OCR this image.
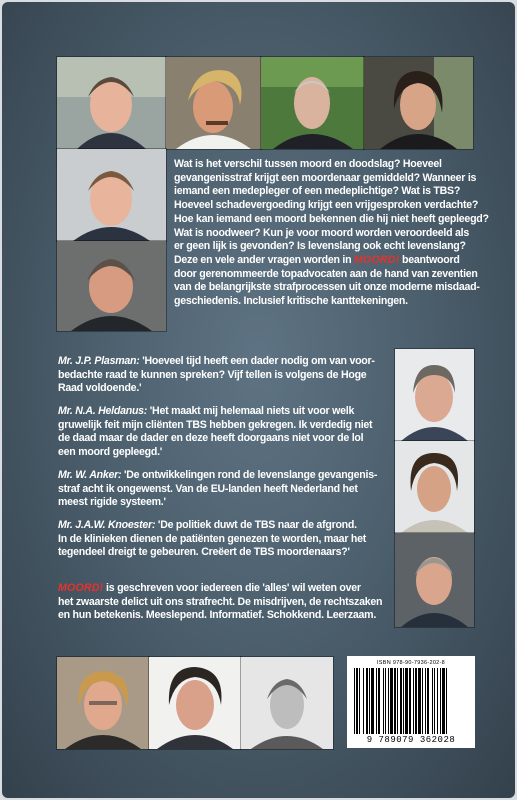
Wat is het verschil tussen moord en doodslag? Hoeveel
gevangenisstraf krijgt een moordenaar gemiddeld? Wanneer is
iemand een medepleger of een medeplichtige? Wat is TBS?
Hoeveel schadevergoeding krijgt een vrijgesproken verdachte?
Hoe kan iemand een moord bekennen die hij niet heeft gepleegd?
Wat is noodweer? Kun je voor moord worden veroordeeld als
er geen lijk is gevonden? Is levenslang ook echt levenslang?
Deze en vele ander vragen worden in MOORD! beantwoord
door gerenommeerde topadvocaten aan de hand van zeventien
van de belangrijkste strafprocessen uit onze moderne misdaad-
geschiedenis. Inclusief kritische kanttekeningen.
Mr. J.P. Plasman: 'Hoeveel tijd heeft een dader nodig om van voor-
bedachte raad te kunnen spreken? Vijf tellen is volgens de Hoge
Raad voldoende.'
Mr. N.A. Heldanus: 'Het maakt mij helemaal niets uit voor welk
gruwelijk feit mijn cliënten TBS hebben gekregen. Ik verdedig niet
de daad maar de dader en deze heeft doorgaans niet voor de lol
een moord gepleegd.'
Mr. W. Anker: 'De ontwikkelingen rond de levenslange gevangenis-
straf acht ik ongewenst. Van de EU-landen heeft Nederland het
meest rigide systeem.'
Mr. J.A.W. Knoester: 'De politiek duwt de TBS naar de afgrond.
In de klinieken dienen de patiënten genezen te worden, maar het
tegendeel dreigt te gebeuren. Creëert de TBS moordenaars?'
MOORD! is geschreven voor iedereen die 'alles' wil weten over
het zwaarste delict uit ons strafrecht. De misdrijven, de rechtszaken
en hun betekenis. Meeslepend. Informatief. Schokkend. Leerzaam.
ISBN 978-90-7936-202-8
9 789079 362028
